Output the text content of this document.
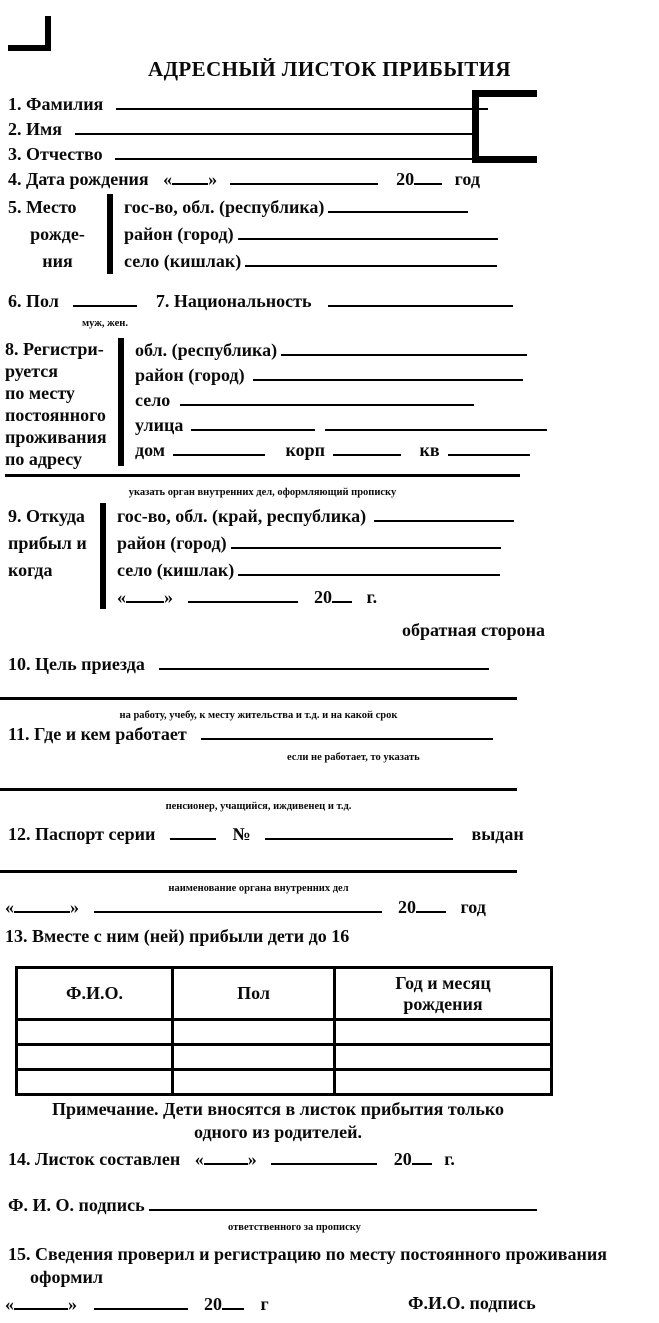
АДРЕСНЫЙ ЛИСТОК ПРИБЫТИЯ
1. Фамилия
2. Имя
3. Отчество
4. Дата рождения « »	20 год
5. Место
рожде-
ния
гос-во, обл. (республика)
район (город)
село (кишлак)
6. Пол	7. Национальность
муж, жен.
8. Регистри-
руется
по месту
постоянного
проживания
по адресу
обл. (республика)
район (город)
село
улица
дом	корп	кв
указать орган внутренних дел, оформляющий прописку
9. Откуда
прибыл и
когда
гос-во, обл. (край, республика)
район (город)
село (кишлак)
« »	20 г.
обратная сторона
10. Цель приезда
на работу, учебу, к месту жительства и т.д. и на какой срок
11. Где и кем работает
если не работает, то указать
пенсионер, учащийся, иждивенец и т.д.
12. Паспорт серии	№	выдан
наименование органа внутренних дел
«	»	20 год
13. Вместе с ним (ней) прибыли дети до 16
Ф.И.О.	Пол	Год и месяц рождения

Примечание. Дети вносятся в листок прибытия только
одного из родителей.
14. Листок составлен « »	20 г.
Ф. И. О. подпись
ответственного за прописку
15. Сведения проверил и регистрацию по месту постоянного проживания
оформил
«	»	20 г	Ф.И.О. подпись
